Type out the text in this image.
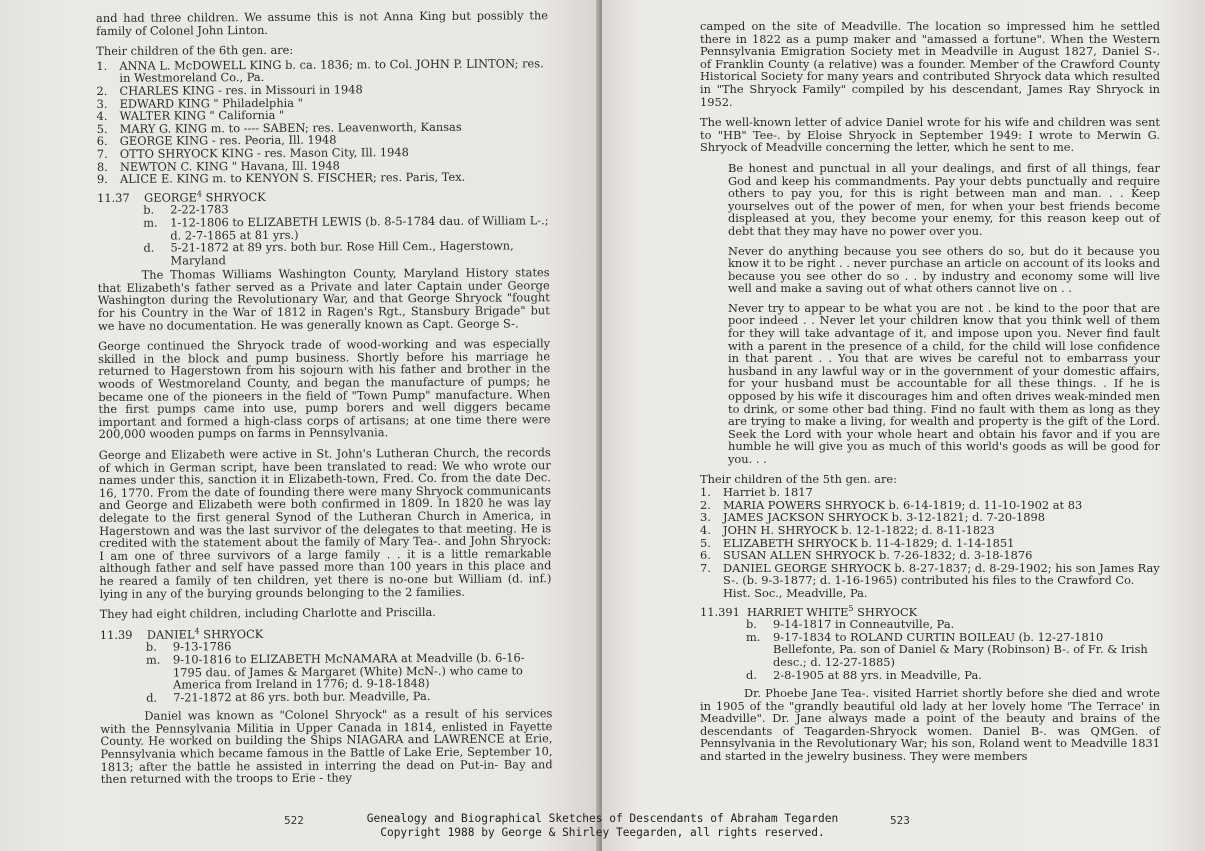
and had three children. We assume this is not Anna King but possibly the family of Colonel John Linton.

Their children of the 6th gen. are:
1.	ANNA L. McDOWELL KING b. ca. 1836; m. to Col. JOHN P. LINTON; res. in Westmoreland Co., Pa.
2.	CHARLES KING - res. in Missouri in 1948
3.	EDWARD KING " Philadelphia "
4.	WALTER KING " California "
5.	MARY G. KING m. to ---- SABEN; res. Leavenworth, Kansas
6.	GEORGE KING - res. Peoria, Ill. 1948
7.	OTTO SHRYOCK KING - res. Mason City, Ill. 1948
8.	NEWTON C. KING " Havana, Ill. 1948
9.	ALICE E. KING m. to KENYON S. FISCHER; res. Paris, Tex.
11.37	GEORGE$^4$ SHRYOCK
b.	2-22-1783
m.	1-12-1806 to ELIZABETH LEWIS (b. 8-5-1784 dau. of William L-.; d. 2-7-1865 at 81 yrs.)
d.	5-21-1872 at 89 yrs. both bur. Rose Hill Cem., Hagerstown, Maryland

The Thomas Williams Washington County, Maryland History states that Elizabeth's father served as a Private and later Captain under George Washington during the Revolutionary War, and that George Shryock "fought for his Country in the War of 1812 in Ragen's Rgt., Stansbury Brigade" but we have no documentation. He was generally known as Capt. George S-.

George continued the Shryock trade of wood-working and was especially skilled in the block and pump business. Shortly before his marriage he returned to Hagerstown from his sojourn with his father and brother in the woods of Westmoreland County, and began the manufacture of pumps; he became one of the pioneers in the field of "Town Pump" manufacture. When the first pumps came into use, pump borers and well diggers became important and formed a high-class corps of artisans; at one time there were 200,000 wooden pumps on farms in Pennsylvania.

George and Elizabeth were active in St. John's Lutheran Church, the records of which in German script, have been translated to read: We who wrote our names under this, sanction it in Elizabeth-town, Fred. Co. from the date Dec. 16, 1770. From the date of founding there were many Shryock communicants and George and Elizabeth were both confirmed in 1809. In 1820 he was lay delegate to the first general Synod of the Lutheran Church in America, in Hagerstown and was the last survivor of the delegates to that meeting. He is credited with the statement about the family of Mary Tea-. and John Shryock: I am one of three survivors of a large family . . it is a little remarkable although father and self have passed more than 100 years in this place and he reared a family of ten children, yet there is no-one but William (d. inf.) lying in any of the burying grounds belonging to the 2 families.

They had eight children, including Charlotte and Priscilla.

11.39	DANIEL$^4$ SHRYOCK
b.	9-13-1786
m.	9-10-1816 to ELIZABETH McNAMARA at Meadville (b. 6-16-1795 dau. of James & Margaret (White) McN-.) who came to America from Ireland in 1776; d. 9-18-1848)
d.	7-21-1872 at 86 yrs. both bur. Meadville, Pa.

Daniel was known as "Colonel Shryock" as a result of his services with the Pennsylvania Militia in Upper Canada in 1814, enlisted in Fayette County. He worked on building the Ships NIAGARA and LAWRENCE at Erie, Pennsylvania which became famous in the Battle of Lake Erie, September 10, 1813; after the battle he assisted in interring the dead on Put-in- Bay and then returned with the troops to Erie - they

camped on the site of Meadville. The location so impressed him he settled there in 1822 as a pump maker and "amassed a fortune". When the Western Pennsylvania Emigration Society met in Meadville in August 1827, Daniel S-. of Franklin County (a relative) was a founder. Member of the Crawford County Historical Society for many years and contributed Shryock data which resulted in "The Shryock Family" compiled by his descendant, James Ray Shryock in 1952.

The well-known letter of advice Daniel wrote for his wife and children was sent to "HB" Tee-. by Eloise Shryock in September 1949: I wrote to Merwin G. Shryock of Meadville concerning the letter, which he sent to me.

Be honest and punctual in all your dealings, and first of all things, fear God and keep his commandments. Pay your debts punctually and require others to pay you, for this is right between man and man. . . Keep yourselves out of the power of men, for when your best friends become displeased at you, they become your enemy, for this reason keep out of debt that they may have no power over you.

Never do anything because you see others do so, but do it because you know it to be right . . never purchase an article on account of its looks and because you see other do so . . by industry and economy some will live well and make a saving out of what others cannot live on . .

Never try to appear to be what you are not . be kind to the poor that are poor indeed . . Never let your children know that you think well of them for they will take advantage of it, and impose upon you. Never find fault with a parent in the presence of a child, for the child will lose confidence in that parent . . You that are wives be careful not to embarrass your husband in any lawful way or in the government of your domestic affairs, for your husband must be accountable for all these things. . If he is opposed by his wife it discourages him and often drives weak-minded men to drink, or some other bad thing. Find no fault with them as long as they are trying to make a living, for wealth and property is the gift of the Lord. Seek the Lord with your whole heart and obtain his favor and if you are humble he will give you as much of this world's goods as will be good for you. . .

Their children of the 5th gen. are:
1.	Harriet b. 1817
2.	MARIA POWERS SHRYOCK b. 6-14-1819; d. 11-10-1902 at 83
3.	JAMES JACKSON SHRYOCK b. 3-12-1821; d. 7-20-1898
4.	JOHN H. SHRYOCK b. 12-1-1822; d. 8-11-1823
5.	ELIZABETH SHRYOCK b. 11-4-1829; d. 1-14-1851
6.	SUSAN ALLEN SHRYOCK b. 7-26-1832; d. 3-18-1876
7.	DANIEL GEORGE SHRYOCK b. 8-27-1837; d. 8-29-1902; his son James Ray S-. (b. 9-3-1877; d. 1-16-1965) contributed his files to the Crawford Co. Hist. Soc., Meadville, Pa.
11.391 HARRIET WHITE$^5$ SHRYOCK
b.	9-14-1817 in Conneautville, Pa.
m.	9-17-1834 to ROLAND CURTIN BOILEAU (b. 12-27-1810 Bellefonte, Pa. son of Daniel & Mary (Robinson) B-. of Fr. & Irish desc.; d. 12-27-1885)
d.	2-8-1905 at 88 yrs. in Meadville, Pa.

Dr. Phoebe Jane Tea-. visited Harriet shortly before she died and wrote in 1905 of the "grandly beautiful old lady at her lovely home 'The Terrace' in Meadville". Dr. Jane always made a point of the beauty and brains of the descendants of Teagarden-Shryock women. Daniel B-. was QMGen. of Pennsylvania in the Revolutionary War; his son, Roland went to Meadville 1831 and started in the jewelry business. They were members

522	523
Genealogy and Biographical Sketches of Descendants of Abraham Tegarden
Copyright 1988 by George & Shirley Teegarden, all rights reserved.
